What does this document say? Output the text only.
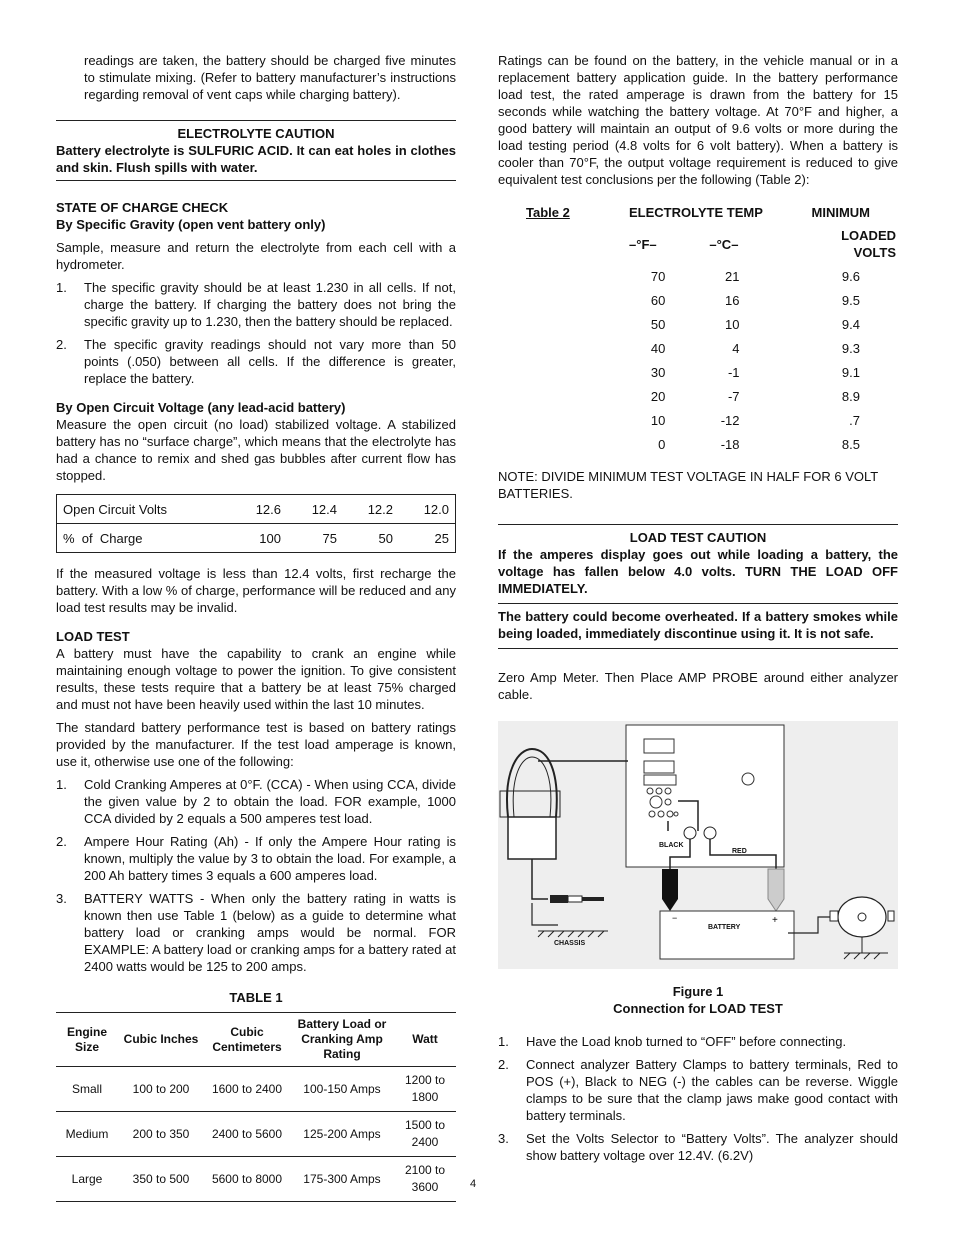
readings are taken, the battery should be charged five minutes to stimulate mixing. (Refer to battery manufacturer’s instructions regarding removal of vent caps while charging battery).

ELECTROLYTE CAUTION

Battery electrolyte is SULFURIC ACID. It can eat holes in clothes and skin. Flush spills with water.

STATE OF CHARGE CHECK

By Specific Gravity (open vent battery only)

Sample, measure and return the electrolyte from each cell with a hydrometer.

1. The specific gravity should be at least 1.230 in all cells. If not, charge the battery. If charging the battery does not bring the specific gravity up to 1.230, then the battery should be replaced.
2. The specific gravity readings should not vary more than 50 points (.050) between all cells. If the difference is greater, replace the battery.

By Open Circuit Voltage (any lead-acid battery)

Measure the open circuit (no load) stabilized voltage. A stabilized battery has no “surface charge”, which means that the electrolyte has had a chance to remix and shed gas bubbles after current flow has stopped.

Open Circuit Volts	12.6	12.4	12.2	12.0
%  of  Charge	100	75	50	25

If the measured voltage is less than 12.4 volts, first recharge the battery. With a low % of charge, performance will be reduced and any load test results may be invalid.

LOAD TEST

A battery must have the capability to crank an engine while maintaining enough voltage to power the ignition. To give consistent results, these tests require that a battery be at least 75% charged and must not have been heavily used within the last 10 minutes.

The standard battery performance test is based on battery ratings provided by the manufacturer. If the test load amperage is known, use it, otherwise use one of the following:

1. Cold Cranking Amperes at 0°F. (CCA) - When using CCA, divide the given value by 2 to obtain the load. FOR example, 1000 CCA divided by 2 equals a 500 amperes test load.
2. Ampere Hour Rating (Ah) - If only the Ampere Hour rating is known, multiply the value by 3 to obtain the load. For example, a 200 Ah battery times 3 equals a 600 amperes load.
3. BATTERY WATTS - When only the battery rating in watts is known then use Table 1 (below) as a guide to determine what battery load or cranking amps would be normal. FOR EXAMPLE: A battery load or cranking amps for a battery rated at 2400 watts would be 125 to 200 amps.

TABLE 1

Engine Size	Cubic Inches	Cubic Centimeters	Battery Load or Cranking Amp Rating	Watt
Small	100 to 200	1600 to 2400	100-150 Amps	1200 to 1800
Medium	200 to 350	2400 to 5600	125-200 Amps	1500 to 2400
Large	350 to 500	5600 to 8000	175-300 Amps	2100 to 3600

Ratings can be found on the battery, in the vehicle manual or in a replacement battery application guide. In the battery performance load test, the rated amperage is drawn from the battery for 15 seconds while watching the battery voltage. At 70°F and higher, a good battery will maintain an output of 9.6 volts or more during the load testing period (4.8 volts for 6 volt battery). When a battery is cooler than 70°F, the output voltage requirement is reduced to give equivalent test conclusions per the following (Table 2):

Table 2	ELECTROLYTE TEMP		MINIMUM
	–°F–	–°C–	LOADED VOLTS
	70	21	9.6
	60	16	9.5
	50	10	9.4
	40	4	9.3
	30	-1	9.1
	20	-7	8.9
	10	-12	.7
	0	-18	8.5

NOTE: DIVIDE MINIMUM TEST VOLTAGE IN HALF FOR 6 VOLT BATTERIES.

LOAD TEST CAUTION

If the amperes display goes out while loading a battery, the voltage has fallen below 4.0 volts. TURN THE LOAD OFF IMMEDIATELY.

The battery could become overheated. If a battery smokes while being loaded, immediately discontinue using it. It is not safe.

Zero Amp Meter. Then Place AMP PROBE around either analyzer cable.

−	+
BLACK
RED
BATTERY
CHASSIS

Figure 1

Connection for LOAD TEST

1. Have the Load knob turned to “OFF” before connecting.
2. Connect analyzer Battery Clamps to battery terminals, Red to POS (+), Black to NEG (-) the cables can be reverse. Wiggle clamps to be sure that the clamp jaws make good contact with battery terminals.
3. Set the Volts Selector to “Battery Volts”. The analyzer should show battery voltage over 12.4V. (6.2V)
4
